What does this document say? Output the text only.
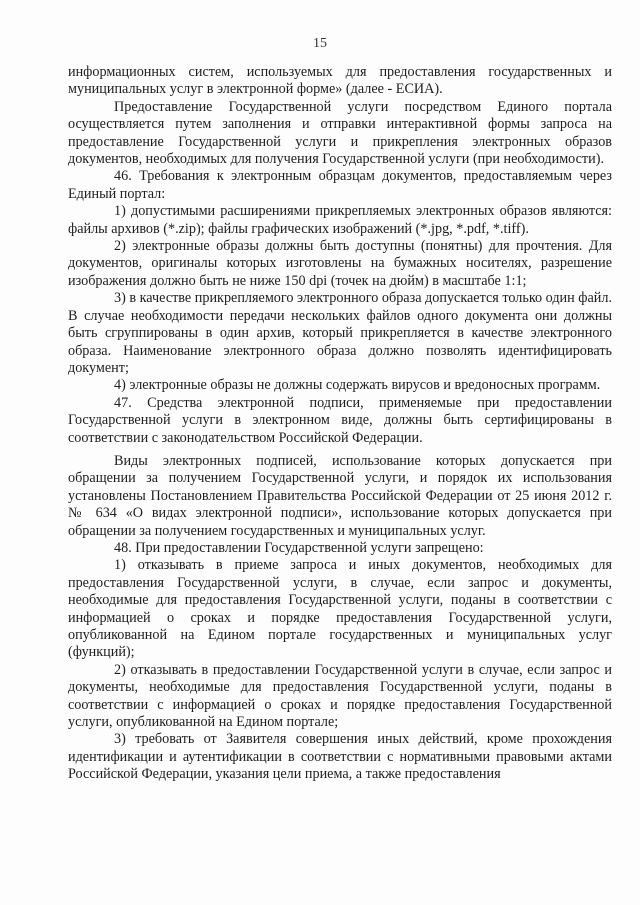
15

информационных систем, используемых для предоставления государственных и муниципальных услуг в электронной форме» (далее - ЕСИА).

Предоставление Государственной услуги посредством Единого портала осуществляется путем заполнения и отправки интерактивной формы запроса на предоставление Государственной услуги и прикрепления электронных образов документов, необходимых для получения Государственной услуги (при необходимости).

46. Требования к электронным образцам документов, предоставляемым через Единый портал:

1) допустимыми расширениями прикрепляемых электронных образов являются: файлы архивов (*.zip); файлы графических изображений (*.jpg, *.pdf, *.tiff).

2) электронные образы должны быть доступны (понятны) для прочтения. Для документов, оригиналы которых изготовлены на бумажных носителях, разрешение изображения должно быть не ниже 150 dpi (точек на дюйм) в масштабе 1:1;

3) в качестве прикрепляемого электронного образа допускается только один файл. В случае необходимости передачи нескольких файлов одного документа они должны быть сгруппированы в один архив, который прикрепляется в качестве электронного образа. Наименование электронного образа должно позволять идентифицировать документ;

4) электронные образы не должны содержать вирусов и вредоносных программ.

47. Средства электронной подписи, применяемые при предоставлении Государственной услуги в электронном виде, должны быть сертифицированы в соответствии с законодательством Российской Федерации.

Виды электронных подписей, использование которых допускается при обращении за получением Государственной услуги, и порядок их использования установлены Постановлением Правительства Российской Федерации от 25 июня 2012 г. № 634 «О видах электронной подписи», использование которых допускается при обращении за получением государственных и муниципальных услуг.

48. При предоставлении Государственной услуги запрещено:

1) отказывать в приеме запроса и иных документов, необходимых для предоставления Государственной услуги, в случае, если запрос и документы, необходимые для предоставления Государственной услуги, поданы в соответствии с информацией о сроках и порядке предоставления Государственной услуги, опубликованной на Едином портале государственных и муниципальных услуг (функций);

2) отказывать в предоставлении Государственной услуги в случае, если запрос и документы, необходимые для предоставления Государственной услуги, поданы в соответствии с информацией о сроках и порядке предоставления Государственной услуги, опубликованной на Едином портале;

3) требовать от Заявителя совершения иных действий, кроме прохождения идентификации и аутентификации в соответствии с нормативными правовыми актами Российской Федерации, указания цели приема, а также предоставления
